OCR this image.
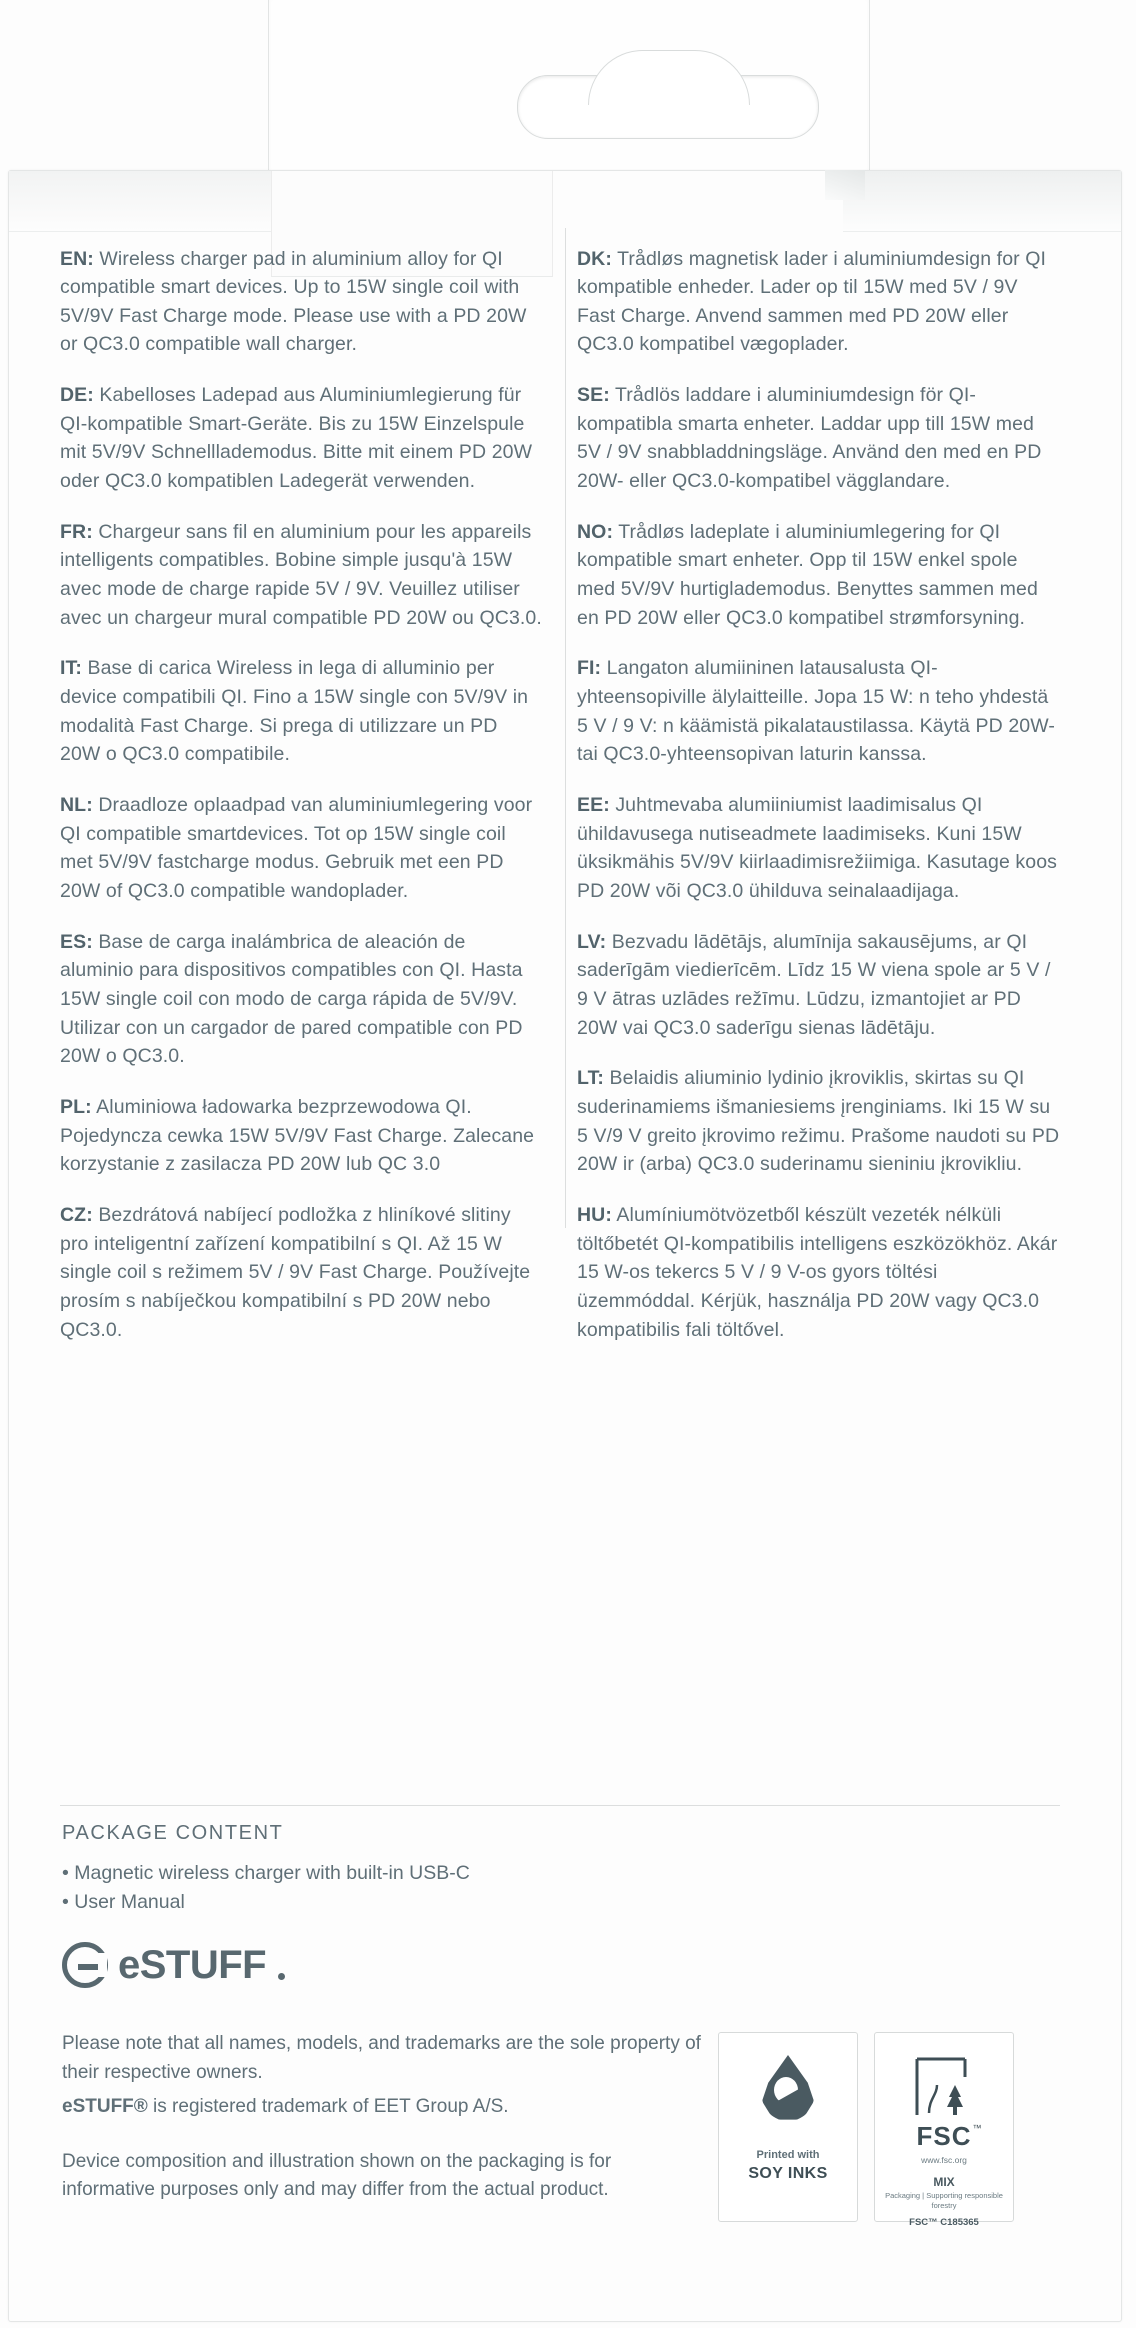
EN: Wireless charger pad in aluminium alloy for QI compatible smart devices. Up to 15W single coil with 5V/9V Fast Charge mode. Please use with a PD 20W or QC3.0 compatible wall charger.

DE: Kabelloses Ladepad aus Aluminiumlegierung für QI-kompatible Smart-Geräte. Bis zu 15W Einzelspule mit 5V/9V Schnelllademodus. Bitte mit einem PD 20W oder QC3.0 kompatiblen Ladegerät verwenden.

FR: Chargeur sans fil en aluminium pour les appareils intelligents compatibles. Bobine simple jusqu'à 15W avec mode de charge rapide 5V / 9V. Veuillez utiliser avec un chargeur mural compatible PD 20W ou QC3.0.

IT: Base di carica Wireless in lega di alluminio per device compatibili QI. Fino a 15W single con 5V/9V in modalità Fast Charge. Si prega di utilizzare un PD 20W o QC3.0 compatibile.

NL: Draadloze oplaadpad van aluminiumlegering voor QI compatible smartdevices. Tot op 15W single coil met 5V/9V fastcharge modus. Gebruik met een PD 20W of QC3.0 compatible wandoplader.

ES: Base de carga inalámbrica de aleación de aluminio para dispositivos compatibles con QI. Hasta 15W single coil con modo de carga rápida de 5V/9V. Utilizar con un cargador de pared compatible con PD 20W o QC3.0.

PL: Aluminiowa ładowarka bezprzewodowa QI. Pojedyncza cewka 15W 5V/9V Fast Charge. Zalecane korzystanie z zasilacza PD 20W lub QC 3.0

CZ: Bezdrátová nabíjecí podložka z hliníkové slitiny pro inteligentní zařízení kompatibilní s QI. Až 15 W single coil s režimem 5V / 9V Fast Charge. Používejte prosím s nabíječkou kompatibilní s PD 20W nebo QC3.0.

DK: Trådløs magnetisk lader i aluminiumdesign for QI kompatible enheder. Lader op til 15W med 5V / 9V Fast Charge. Anvend sammen med PD 20W eller QC3.0 kompatibel vægoplader.

SE: Trådlös laddare i aluminiumdesign för QI-kompatibla smarta enheter. Laddar upp till 15W med 5V / 9V snabbladdningsläge. Använd den med en PD 20W- eller QC3.0-kompatibel vägglandare.

NO: Trådløs ladeplate i aluminiumlegering for QI kompatible smart enheter. Opp til 15W enkel spole med 5V/9V hurtiglademodus. Benyttes sammen med en PD 20W eller QC3.0 kompatibel strømforsyning.

FI: Langaton alumiininen latausalusta QI-yhteensopiville älylaitteille. Jopa 15 W: n teho yhdestä 5 V / 9 V: n käämistä pikalataustilassa. Käytä PD 20W- tai QC3.0-yhteensopivan laturin kanssa.

EE: Juhtmevaba alumiiniumist laadimisalus QI ühildavusega nutiseadmete laadimiseks. Kuni 15W üksikmähis 5V/9V kiirlaadimisrežiimiga. Kasutage koos PD 20W või QC3.0 ühilduva seinalaadijaga.

LV: Bezvadu lādētājs, alumīnija sakausējums, ar QI saderīgām viedierīcēm. Līdz 15 W viena spole ar 5 V / 9 V ātras uzlādes režīmu. Lūdzu, izmantojiet ar PD 20W vai QC3.0 saderīgu sienas lādētāju.

LT: Belaidis aliuminio lydinio įkroviklis, skirtas su QI suderinamiems išmaniesiems įrenginiams. Iki 15 W su 5 V/9 V greito įkrovimo režimu. Prašome naudoti su PD 20W ir (arba) QC3.0 suderinamu sieniniu įkrovikliu.

HU: Alumíniumötvözetből készült vezeték nélküli töltőbetét QI-kompatibilis intelligens eszközökhöz. Akár 15 W-os tekercs 5 V / 9 V-os gyors töltési üzemmóddal. Kérjük, használja PD 20W vagy QC3.0 kompatibilis fali töltővel.

PACKAGE CONTENT
• Magnetic wireless charger with built-in USB-C
• User Manual
eSTUFF

Please note that all names, models, and trademarks are the sole property of their respective owners.

eSTUFF® is registered trademark of EET Group A/S.

Device composition and illustration shown on the packaging is for informative purposes only and may differ from the actual product.

Printed with
SOY INKS
FSC ™
www.fsc.org
MIX
Packaging | Supporting responsible forestry
FSC™ C185365
